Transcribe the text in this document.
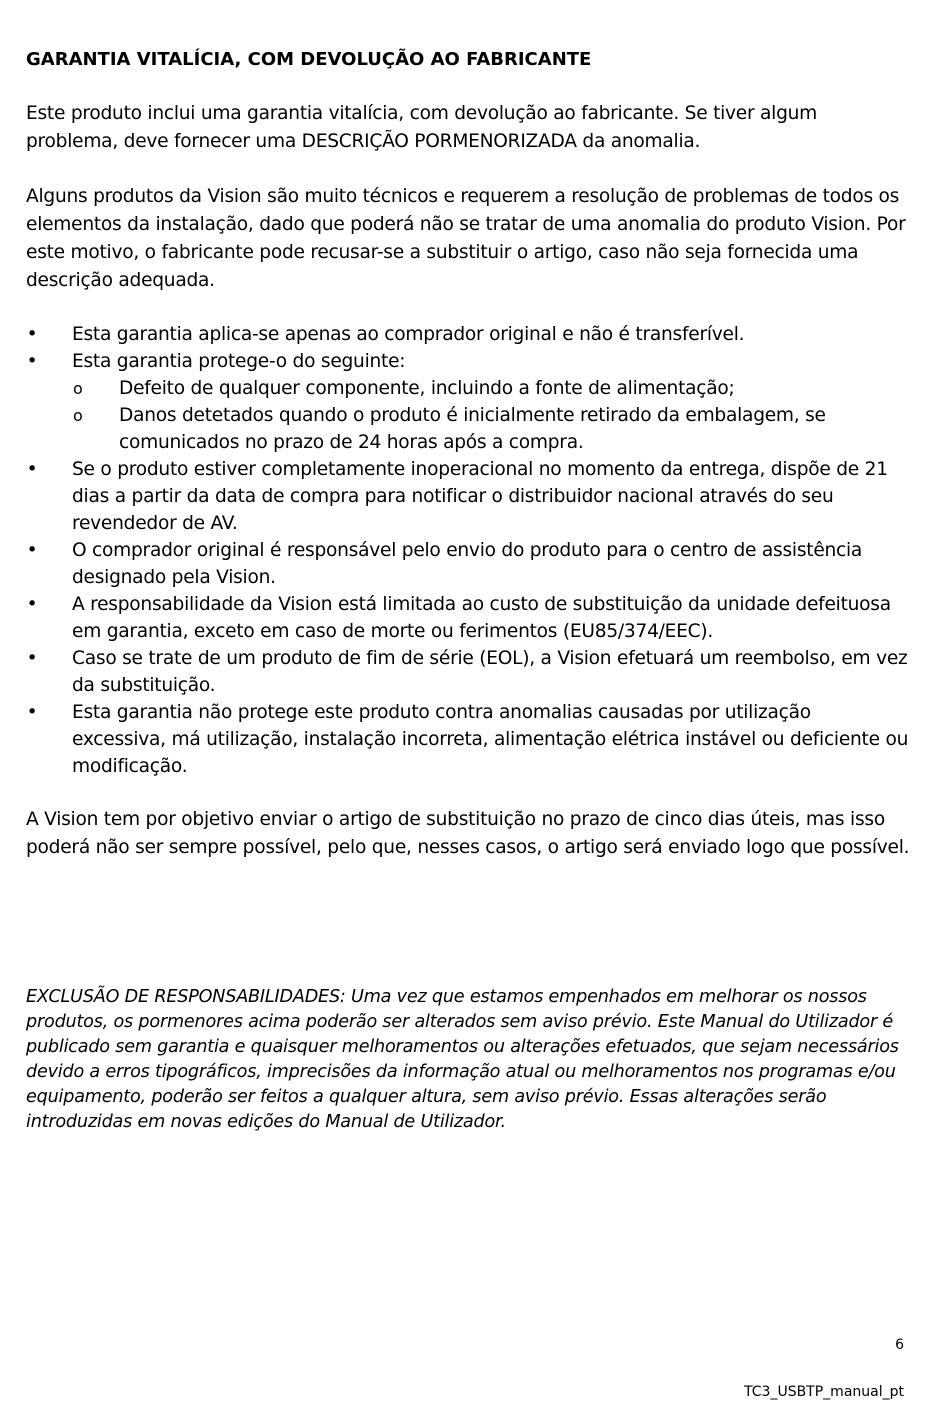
GARANTIA VITALÍCIA, COM DEVOLUÇÃO AO FABRICANTE

Este produto inclui uma garantia vitalícia, com devolução ao fabricante. Se tiver algum problema, deve fornecer uma DESCRIÇÃO PORMENORIZADA da anomalia.

Alguns produtos da Vision são muito técnicos e requerem a resolução de problemas de todos os elementos da instalação, dado que poderá não se tratar de uma anomalia do produto Vision. Por este motivo, o fabricante pode recusar-se a substituir o artigo, caso não seja fornecida uma descrição adequada.

• Esta garantia aplica-se apenas ao comprador original e não é transferível.
• Esta garantia protege-o do seguinte:
o Defeito de qualquer componente, incluindo a fonte de alimentação;
o Danos detetados quando o produto é inicialmente retirado da embalagem, se comunicados no prazo de 24 horas após a compra.
• Se o produto estiver completamente inoperacional no momento da entrega, dispõe de 21 dias a partir da data de compra para notificar o distribuidor nacional através do seu revendedor de AV.
• O comprador original é responsável pelo envio do produto para o centro de assistência designado pela Vision.
• A responsabilidade da Vision está limitada ao custo de substituição da unidade defeituosa em garantia, exceto em caso de morte ou ferimentos (EU85/374/EEC).
• Caso se trate de um produto de fim de série (EOL), a Vision efetuará um reembolso, em vez da substituição.
• Esta garantia não protege este produto contra anomalias causadas por utilização excessiva, má utilização, instalação incorreta, alimentação elétrica instável ou deficiente ou modificação.

A Vision tem por objetivo enviar o artigo de substituição no prazo de cinco dias úteis, mas isso poderá não ser sempre possível, pelo que, nesses casos, o artigo será enviado logo que possível.

EXCLUSÃO DE RESPONSABILIDADES: Uma vez que estamos empenhados em melhorar os nossos produtos, os pormenores acima poderão ser alterados sem aviso prévio. Este Manual do Utilizador é publicado sem garantia e quaisquer melhoramentos ou alterações efetuados, que sejam necessários devido a erros tipográficos, imprecisões da informação atual ou melhoramentos nos programas e/ou equipamento, poderão ser feitos a qualquer altura, sem aviso prévio. Essas alterações serão introduzidas em novas edições do Manual de Utilizador.

6
TC3_USBTP_manual_pt
